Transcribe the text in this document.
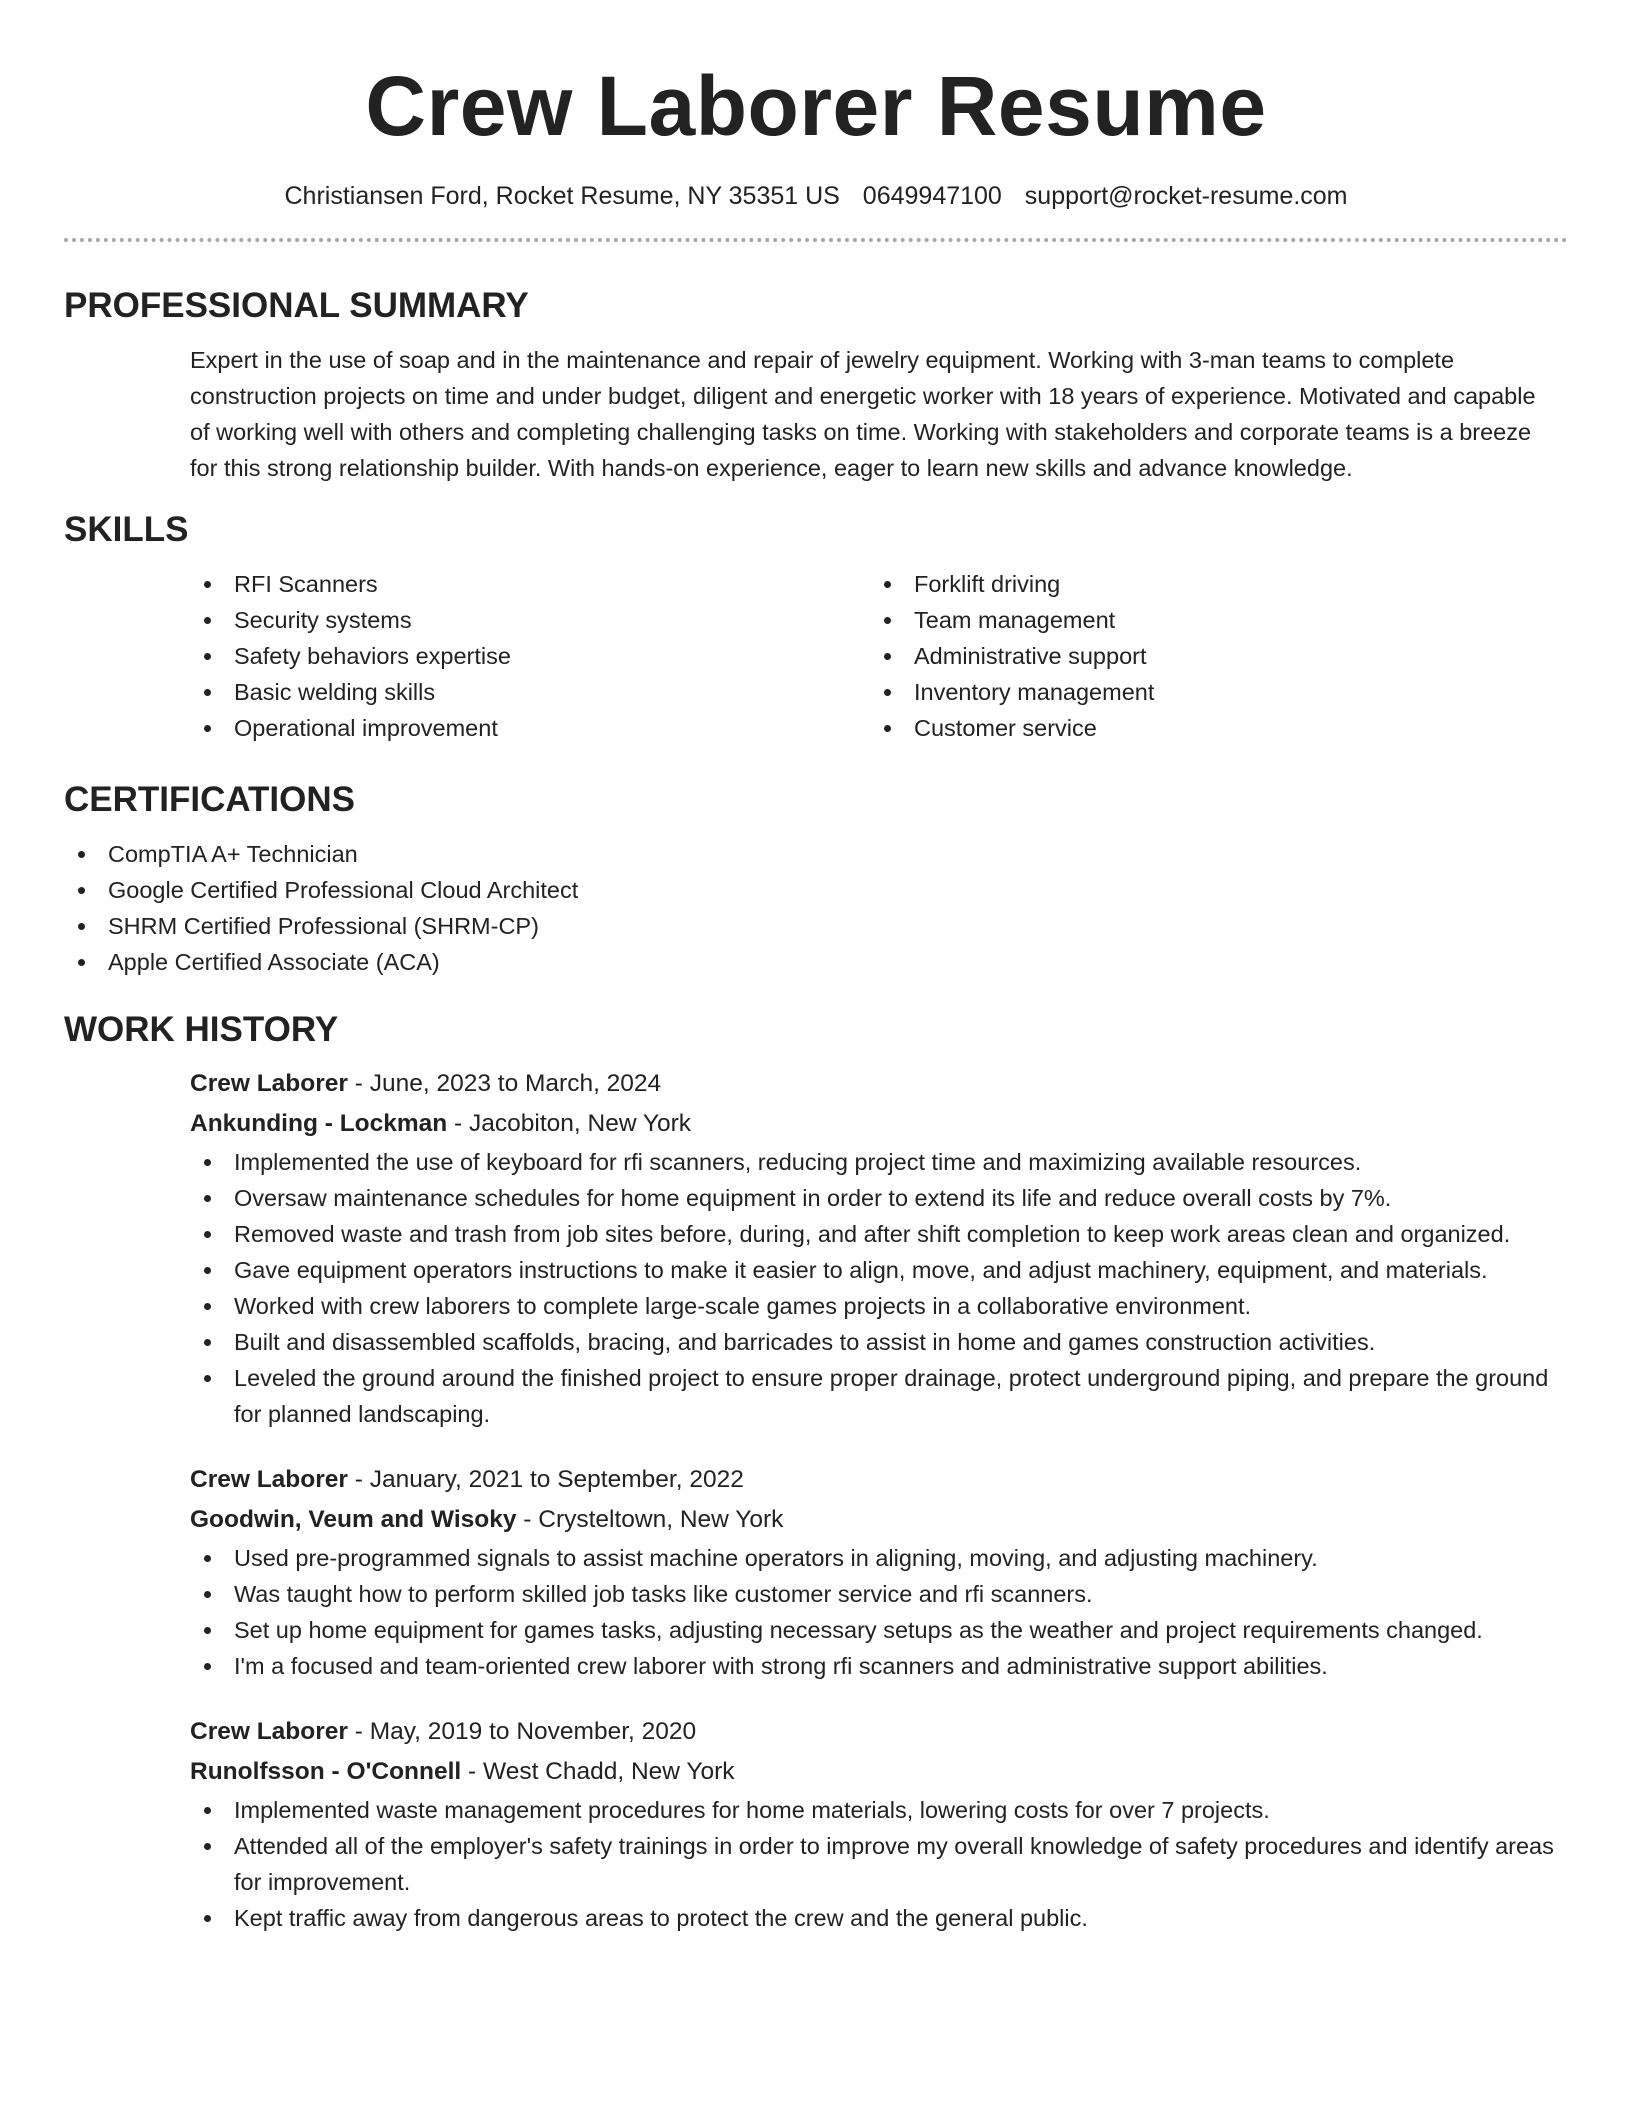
Crew Laborer Resume
Christiansen Ford, Rocket Resume, NY 35351 US 0649947100 support@rocket-resume.com
PROFESSIONAL SUMMARY

Expert in the use of soap and in the maintenance and repair of jewelry equipment. Working with 3-man teams to complete construction projects on time and under budget, diligent and energetic worker with 18 years of experience. Motivated and capable of working well with others and completing challenging tasks on time. Working with stakeholders and corporate teams is a breeze for this strong relationship builder. With hands-on experience, eager to learn new skills and advance knowledge.

SKILLS
RFI Scanners
Security systems
Safety behaviors expertise
Basic welding skills
Operational improvement
Forklift driving
Team management
Administrative support
Inventory management
Customer service
CERTIFICATIONS
CompTIA A+ Technician
Google Certified Professional Cloud Architect
SHRM Certified Professional (SHRM-CP)
Apple Certified Associate (ACA)
WORK HISTORY
Crew Laborer - June, 2023 to March, 2024
Ankunding - Lockman - Jacobiton, New York
Implemented the use of keyboard for rfi scanners, reducing project time and maximizing available resources.
Oversaw maintenance schedules for home equipment in order to extend its life and reduce overall costs by 7%.
Removed waste and trash from job sites before, during, and after shift completion to keep work areas clean and organized.
Gave equipment operators instructions to make it easier to align, move, and adjust machinery, equipment, and materials.
Worked with crew laborers to complete large-scale games projects in a collaborative environment.
Built and disassembled scaffolds, bracing, and barricades to assist in home and games construction activities.
Leveled the ground around the finished project to ensure proper drainage, protect underground piping, and prepare the ground for planned landscaping.
Crew Laborer - January, 2021 to September, 2022
Goodwin, Veum and Wisoky - Crysteltown, New York
Used pre-programmed signals to assist machine operators in aligning, moving, and adjusting machinery.
Was taught how to perform skilled job tasks like customer service and rfi scanners.
Set up home equipment for games tasks, adjusting necessary setups as the weather and project requirements changed.
I'm a focused and team-oriented crew laborer with strong rfi scanners and administrative support abilities.
Crew Laborer - May, 2019 to November, 2020
Runolfsson - O'Connell - West Chadd, New York
Implemented waste management procedures for home materials, lowering costs for over 7 projects.
Attended all of the employer's safety trainings in order to improve my overall knowledge of safety procedures and identify areas for improvement.
Kept traffic away from dangerous areas to protect the crew and the general public.
